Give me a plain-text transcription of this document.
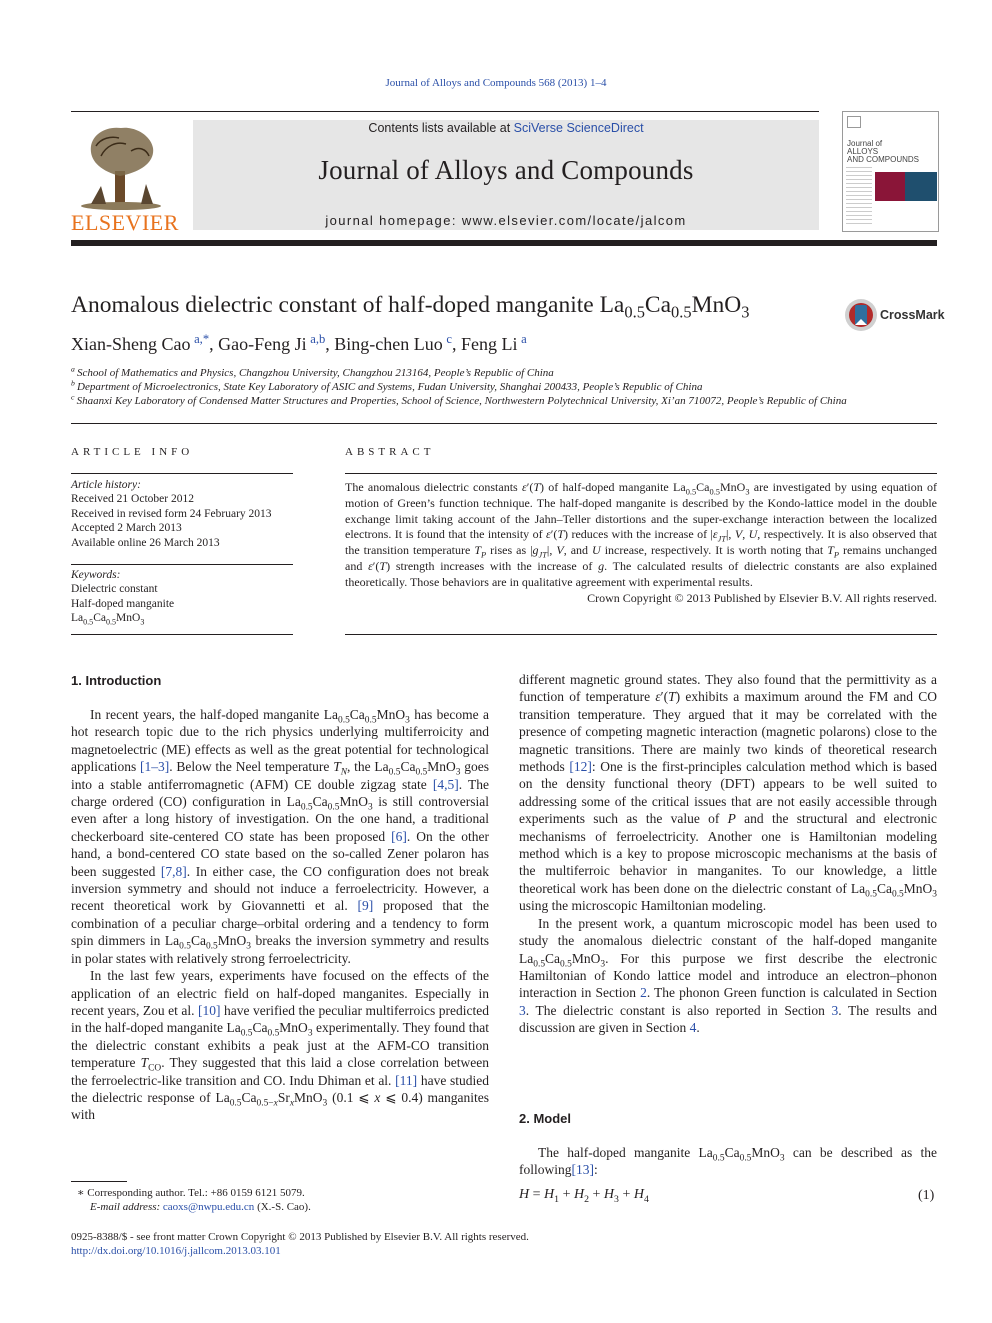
Journal of Alloys and Compounds 568 (2013) 1–4
ELSEVIER
Contents lists available at SciVerse ScienceDirect
Journal of Alloys and Compounds
journal homepage: www.elsevier.com/locate/jalcom
Journal of
ALLOYS
AND COMPOUNDS
Anomalous dielectric constant of half-doped manganite $La_{0.5}Ca_{0.5}MnO_3$	CrossMark
Xian-Sheng Cao  $^{a,*}$, Gao-Feng Ji  $^{a,b}$, Bing-chen Luo  $^c$, Feng Li  $^a$
$^a$  School of Mathematics and Physics, Changzhou University, Changzhou 213164, People’s Republic of China
$^b$  Department of Microelectronics, State Key Laboratory of ASIC and Systems, Fudan University, Shanghai 200433, People’s Republic of China
$^c$  Shaanxi Key Laboratory of Condensed Matter Structures and Properties, School of Science, Northwestern Polytechnical University, Xi’an 710072, People’s Republic of China
ARTICLE INFO
Article history:
Received 21 October 2012
Received in revised form 24 February 2013
Accepted 2 March 2013
Available online 26 March 2013
Keywords:
Dielectric constant
Half-doped manganite
$La_{0.5}Ca_{0.5}MnO_3$
ABSTRACT
The anomalous dielectric constants ε′(T) of half-doped manganite $La_{0.5}Ca_{0.5}MnO_3$ are investigated by using equation of motion of Green’s function technique. The half-doped manganite is described by the Kondo-lattice model in the double exchange limit taking account of the Jahn–Teller distortions and the super-exchange interaction between the localized electrons. It is found that the intensity of ε′(T) reduces with the increase of $|\varepsilon_{JT}|$, V, U, respectively. It is also observed that the transition temperature $T_P$ rises as $|g_{JT}|$, V, and U increase, respectively. It is worth noting that $T_P$ remains unchanged and ε′(T) strength increases with the increase of g. The calculated results of dielectric constants are also explained theoretically. Those behaviors are in qualitative agreement with experimental results.
Crown Copyright © 2013 Published by Elsevier B.V. All rights reserved.
1. Introduction

In recent years, the half-doped manganite $La_{0.5}Ca_{0.5}MnO_3$ has become a hot research topic due to the rich physics underlying multiferroicity and magnetoelectric (ME) effects as well as the great potential for technological applications [1–3]. Below the Neel temperature $T_N$, the $La_{0.5}Ca_{0.5}MnO_3$ goes into a stable antiferromagnetic (AFM) CE double zigzag state [4,5]. The charge ordered (CO) configuration in $La_{0.5}Ca_{0.5}MnO_3$ is still controversial even after a long history of investigation. On the one hand, a traditional checkerboard site-centered CO state has been proposed [6]. On the other hand, a bond-centered CO state based on the so-called Zener polaron has been suggested [7,8]. In either case, the CO configuration does not break inversion symmetry and should not induce a ferroelectricity. However, a recent theoretical work by Giovannetti et al. [9] proposed that the combination of a peculiar charge–orbital ordering and a tendency to form spin dimmers in $La_{0.5}Ca_{0.5}MnO_3$ breaks the inversion symmetry and results in polar states with relatively strong ferroelectricity.

In the last few years, experiments have focused on the effects of the application of an electric field on half-doped manganites. Especially in recent years, Zou et al. [10] have verified the peculiar multiferroics predicted in the half-doped manganite $La_{0.5}Ca_{0.5}MnO_3$ experimentally. They found that the dielectric constant exhibits a peak just at the AFM-CO transition temperature $T_{CO}$. They suggested that this laid a close correlation between the ferroelectric-like transition and CO. Indu Dhiman et al. [11] have studied the dielectric response of $La_{0.5}Ca_{0.5-x}Sr_xMnO_3$ (0.1 ⩽ x ⩽ 0.4) manganites with

∗ Corresponding author. Tel.: +86 0159 6121 5079.
E-mail address: caoxs@nwpu.edu.cn (X.-S. Cao).
0925-8388/$ - see front matter Crown Copyright © 2013 Published by Elsevier B.V. All rights reserved.
http://dx.doi.org/10.1016/j.jallcom.2013.03.101

different magnetic ground states. They also found that the permittivity as a function of temperature ε′(T) exhibits a maximum around the FM and CO transition temperature. They argued that it may be correlated with the presence of competing magnetic interaction (magnetic polarons) close to the magnetic transitions. There are mainly two kinds of theoretical research methods [12]: One is the first-principles calculation method which is based on the density functional theory (DFT) appears to be well suited to addressing some of the critical issues that are not easily accessible through experiments such as the value of P and the structural and electronic mechanisms of ferroelectricity. Another one is Hamiltonian modeling method which is a key to propose microscopic mechanisms at the basis of the multiferroic behavior in manganites. To our knowledge, a little theoretical work has been done on the dielectric constant of $La_{0.5}Ca_{0.5}MnO_3$ using the microscopic Hamiltonian modeling.

In the present work, a quantum microscopic model has been used to study the anomalous dielectric constant of the half-doped manganite $La_{0.5}Ca_{0.5}MnO_3$. For this purpose we first describe the electronic Hamiltonian of Kondo lattice model and introduce an electron–phonon interaction in Section 2. The phonon Green function is calculated in Section 3. The dielectric constant is also reported in Section 3. The results and discussion are given in Section 4.

2. Model

The half-doped manganite $La_{0.5}Ca_{0.5}MnO_3$ can be described as the following[13]:

$H = H_1 + H_2 + H_3 + H_4$	(1)
